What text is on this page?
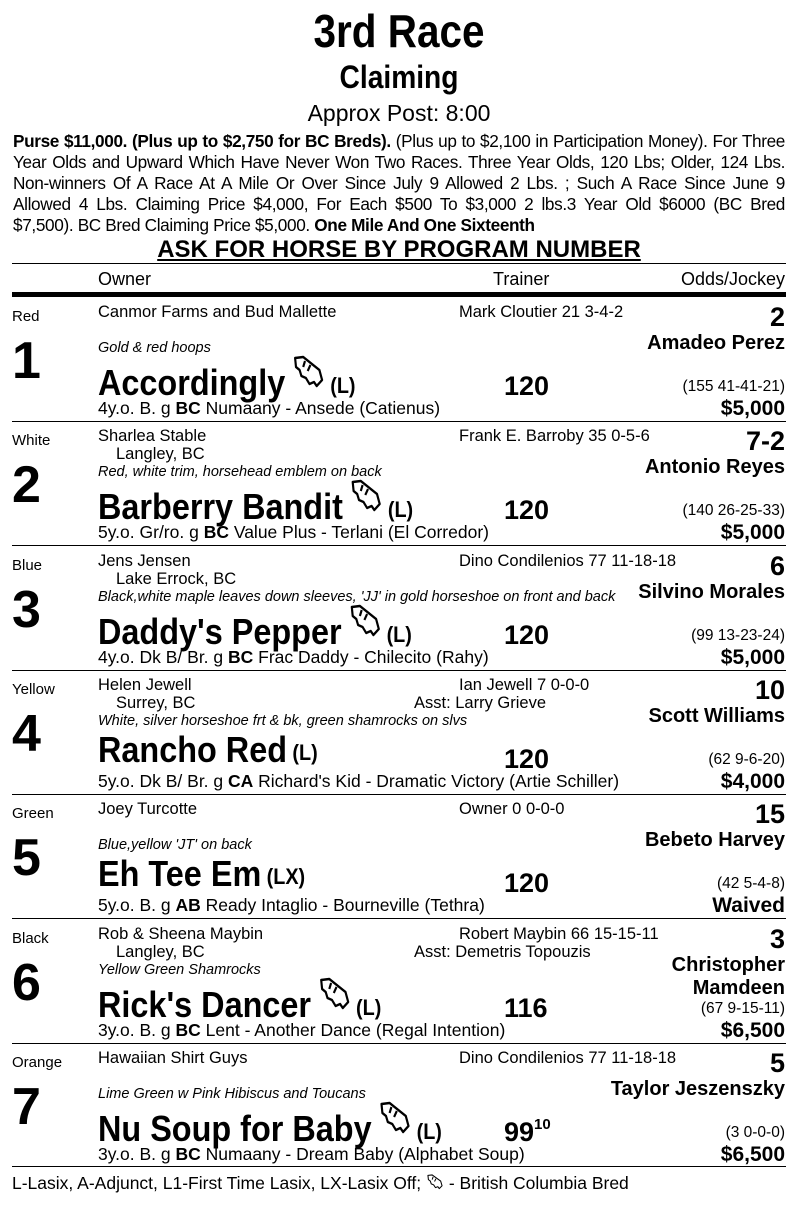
3rd Race
Claiming
Approx Post: 8:00
Purse $11,000. (Plus up to $2,750 for BC Breds). (Plus up to $2,100 in Participation Money). For Three Year Olds and Upward Which Have Never Won Two Races. Three Year Olds, 120 Lbs; Older, 124 Lbs. Non-winners Of A Race At A Mile Or Over Since July 9 Allowed 2 Lbs. ; Such A Race Since June 9 Allowed 4 Lbs. Claiming Price $4,000, For Each $500 To $3,000 2 lbs.3 Year Old $6000 (BC Bred $7,500). BC Bred Claiming Price $5,000. One Mile And One Sixteenth
ASK FOR HORSE BY PROGRAM NUMBER
Owner	Trainer	Odds/Jockey
Red
1
Canmor Farms and Bud Mallette
Gold & red hoops
Accordingly (L)	120
4y.o. B. g BC Numaany - Ansede (Catienus)
Mark Cloutier 21 3-4-2	2
Amadeo Perez
(155 41-41-21)
$5,000
White
2
Sharlea Stable
Langley, BC
Red, white trim, horsehead emblem on back
Barberry Bandit (L)	120
5y.o. Gr/ro. g BC Value Plus - Terlani (El Corredor)
Frank E. Barroby 35 0-5-6	7-2
Antonio Reyes
(140 26-25-33)
$5,000
Blue
3
Jens Jensen
Lake Errock, BC
Black,white maple leaves down sleeves, 'JJ' in gold horseshoe on front and back
Daddy's Pepper (L)	120
4y.o. Dk B/ Br. g BC Frac Daddy - Chilecito (Rahy)
Dino Condilenios 77 11-18-18	6
Silvino Morales
(99 13-23-24)
$5,000
Yellow
4
Helen Jewell
Surrey, BC
White, silver horseshoe frt & bk, green shamrocks on slvs
Rancho Red (L)	120
5y.o. Dk B/ Br. g CA Richard's Kid - Dramatic Victory (Artie Schiller)
Ian Jewell 7 0-0-0
Asst: Larry Grieve	10
Scott Williams
(62 9-6-20)
$4,000
Green
5
Joey Turcotte
Blue,yellow 'JT' on back
Eh Tee Em (LX)	120
5y.o. B. g AB Ready Intaglio - Bourneville (Tethra)
Owner 0 0-0-0	15
Bebeto Harvey
(42 5-4-8)
Waived
Black
6
Rob & Sheena Maybin
Langley, BC
Yellow Green Shamrocks
Rick's Dancer (L)	116
3y.o. B. g BC Lent - Another Dance (Regal Intention)
Robert Maybin 66 15-15-11
Asst: Demetris Topouzis	3
Christopher Mamdeen
(67 9-15-11)
$6,500
Orange
7
Hawaiian Shirt Guys
Lime Green w Pink Hibiscus and Toucans
Nu Soup for Baby (L) $99^{10}$
3y.o. B. g BC Numaany - Dream Baby (Alphabet Soup)
Dino Condilenios 77 11-18-18	5
Taylor Jeszenszky
(3 0-0-0)
$6,500
L-Lasix, A-Adjunct, L1-First Time Lasix, LX-Lasix Off;  - British Columbia Bred
